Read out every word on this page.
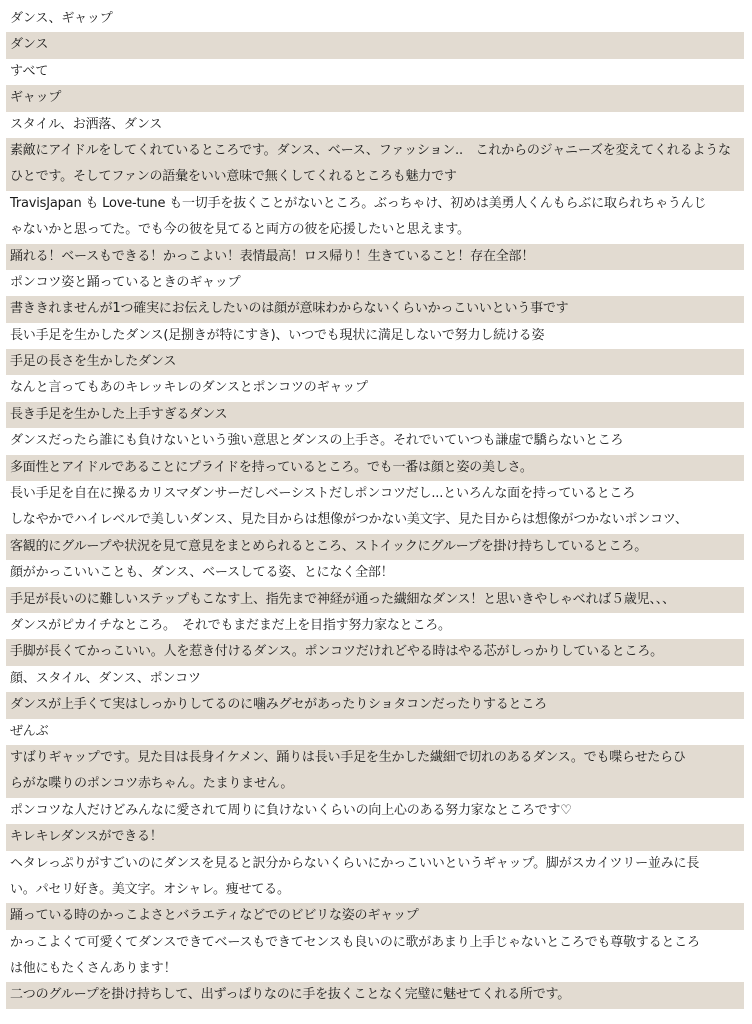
ダンス、ギャップ
ダンス
すべて
ギャップ
スタイル、お洒落、ダンス
素敵にアイドルをしてくれているところです。ダンス、ベース、ファッション..　これからのジャニーズを変えてくれるような
ひとです。そしてファンの語彙をいい意味で無くしてくれるところも魅力です
TravisJapan も Love-tune も一切手を抜くことがないところ。ぶっちゃけ、初めは美勇人くんもらぶに取られちゃうんじ
ゃないかと思ってた。でも今の彼を見てると両方の彼を応援したいと思えます。
踊れる！ベースもできる！かっこよい！表情最高！ロス帰り！生きていること！存在全部！
ポンコツ姿と踊っているときのギャップ
書ききれませんが1つ確実にお伝えしたいのは顔が意味わからないくらいかっこいいという事です
長い手足を生かしたダンス(足捌きが特にすき)、いつでも現状に満足しないで努力し続ける姿
手足の長さを生かしたダンス
なんと言ってもあのキレッキレのダンスとポンコツのギャップ
長き手足を生かした上手すぎるダンス
ダンスだったら誰にも負けないという強い意思とダンスの上手さ。それでいていつも謙虚で驕らないところ
多面性とアイドルであることにプライドを持っているところ。でも一番は顔と姿の美しさ。
長い手足を自在に操るカリスマダンサーだしベーシストだしポンコツだし...といろんな面を持っているところ
しなやかでハイレベルで美しいダンス、見た目からは想像がつかない美文字、見た目からは想像がつかないポンコツ、
客観的にグループや状況を見て意見をまとめられるところ、ストイックにグループを掛け持ちしているところ。
顔がかっこいいことも、ダンス、ベースしてる姿、とになく全部！
手足が長いのに難しいステップもこなす上、指先まで神経が通った繊細なダンス！と思いきやしゃべれば５歳児、、、
ダンスがピカイチなところ。　それでもまだまだ上を目指す努力家なところ。
手脚が長くてかっこいい。人を惹き付けるダンス。ポンコツだけれどやる時はやる芯がしっかりしているところ。
顔、スタイル、ダンス、ポンコツ
ダンスが上手くて実はしっかりしてるのに噛みグセがあったりショタコンだったりするところ
ぜんぶ
すばりギャップです。見た目は長身イケメン、踊りは長い手足を生かした繊細で切れのあるダンス。でも喋らせたらひ
らがな喋りのポンコツ赤ちゃん。たまりません。
ポンコツな人だけどみんなに愛されて周りに負けないくらいの向上心のある努力家なところです♡
キレキレダンスができる！
ヘタレっぷりがすごいのにダンスを見ると訳分からないくらいにかっこいいというギャップ。脚がスカイツリー並みに長
い。パセリ好き。美文字。オシャレ。痩せてる。
踊っている時のかっこよさとバラエティなどでのビビリな姿のギャップ
かっこよくて可愛くてダンスできてベースもできてセンスも良いのに歌があまり上手じゃないところでも尊敬するところ
は他にもたくさんあります！
二つのグループを掛け持ちして、出ずっぱりなのに手を抜くことなく完璧に魅せてくれる所です。
